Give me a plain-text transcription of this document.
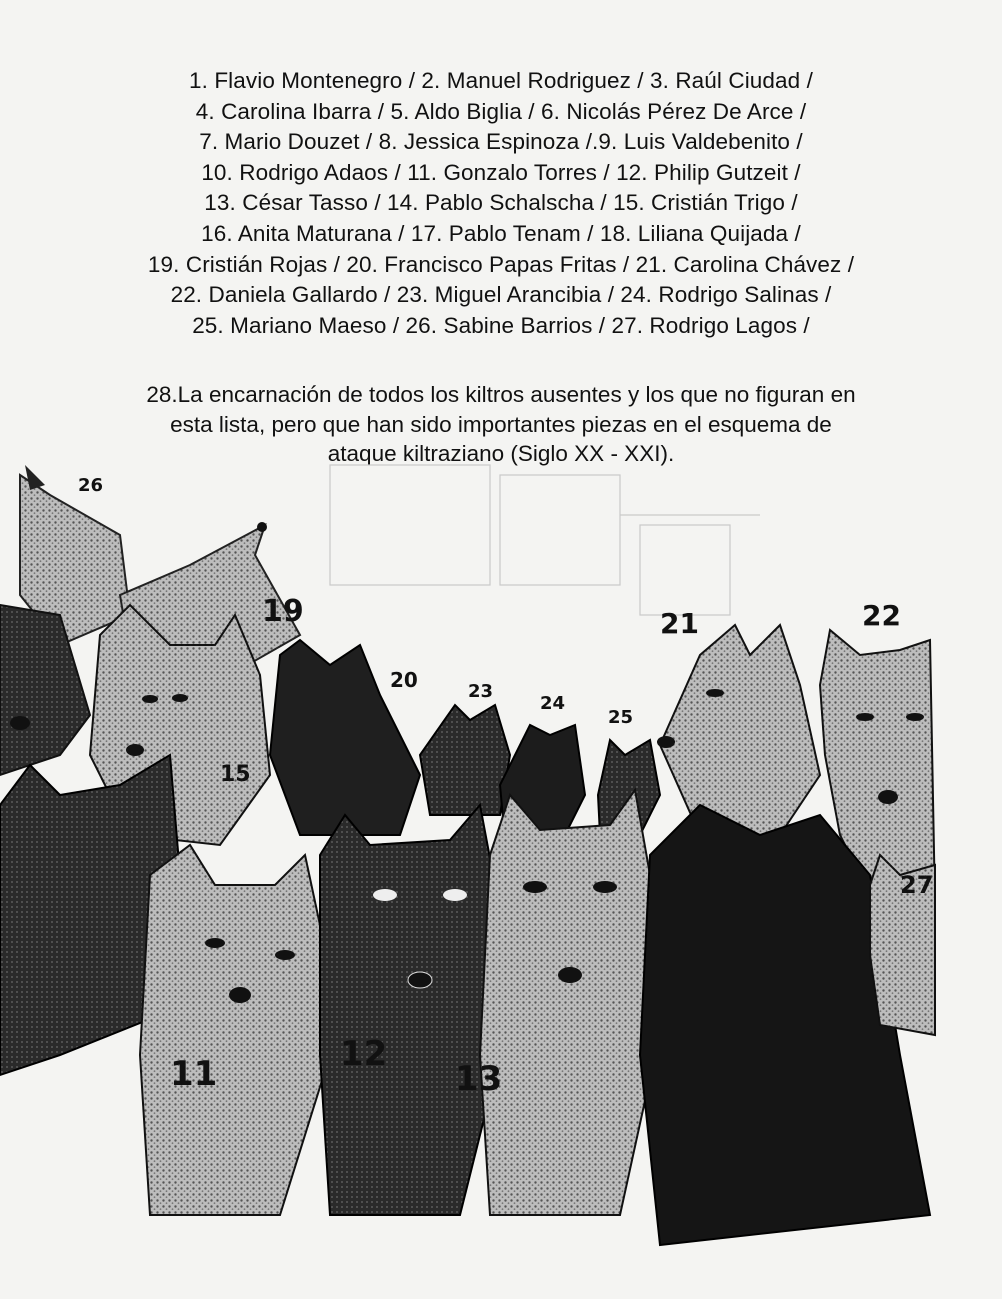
1. Flavio Montenegro / 2. Manuel Rodriguez / 3. Raúl Ciudad /
4. Carolina Ibarra / 5. Aldo Biglia / 6. Nicolás Pérez De Arce /
7. Mario Douzet / 8. Jessica Espinoza /.9. Luis Valdebenito /
10. Rodrigo Adaos / 11. Gonzalo Torres / 12. Philip Gutzeit /
13. César Tasso / 14. Pablo Schalscha / 15. Cristián Trigo /
16. Anita Maturana / 17. Pablo Tenam / 18. Liliana Quijada /
19. Cristián Rojas / 20. Francisco Papas Fritas / 21. Carolina Chávez /
22. Daniela Gallardo / 23. Miguel Arancibia / 24. Rodrigo Salinas /
25. Mariano Maeso / 26. Sabine Barrios / 27. Rodrigo Lagos /
28.La encarnación de todos los kiltros ausentes y los que no figuran en
esta lista, pero que han sido importantes piezas en el esquema de
ataque kiltraziano (Siglo XX - XXI).
26
19
20	23
24
25
21	22
15
11	12
13
27
